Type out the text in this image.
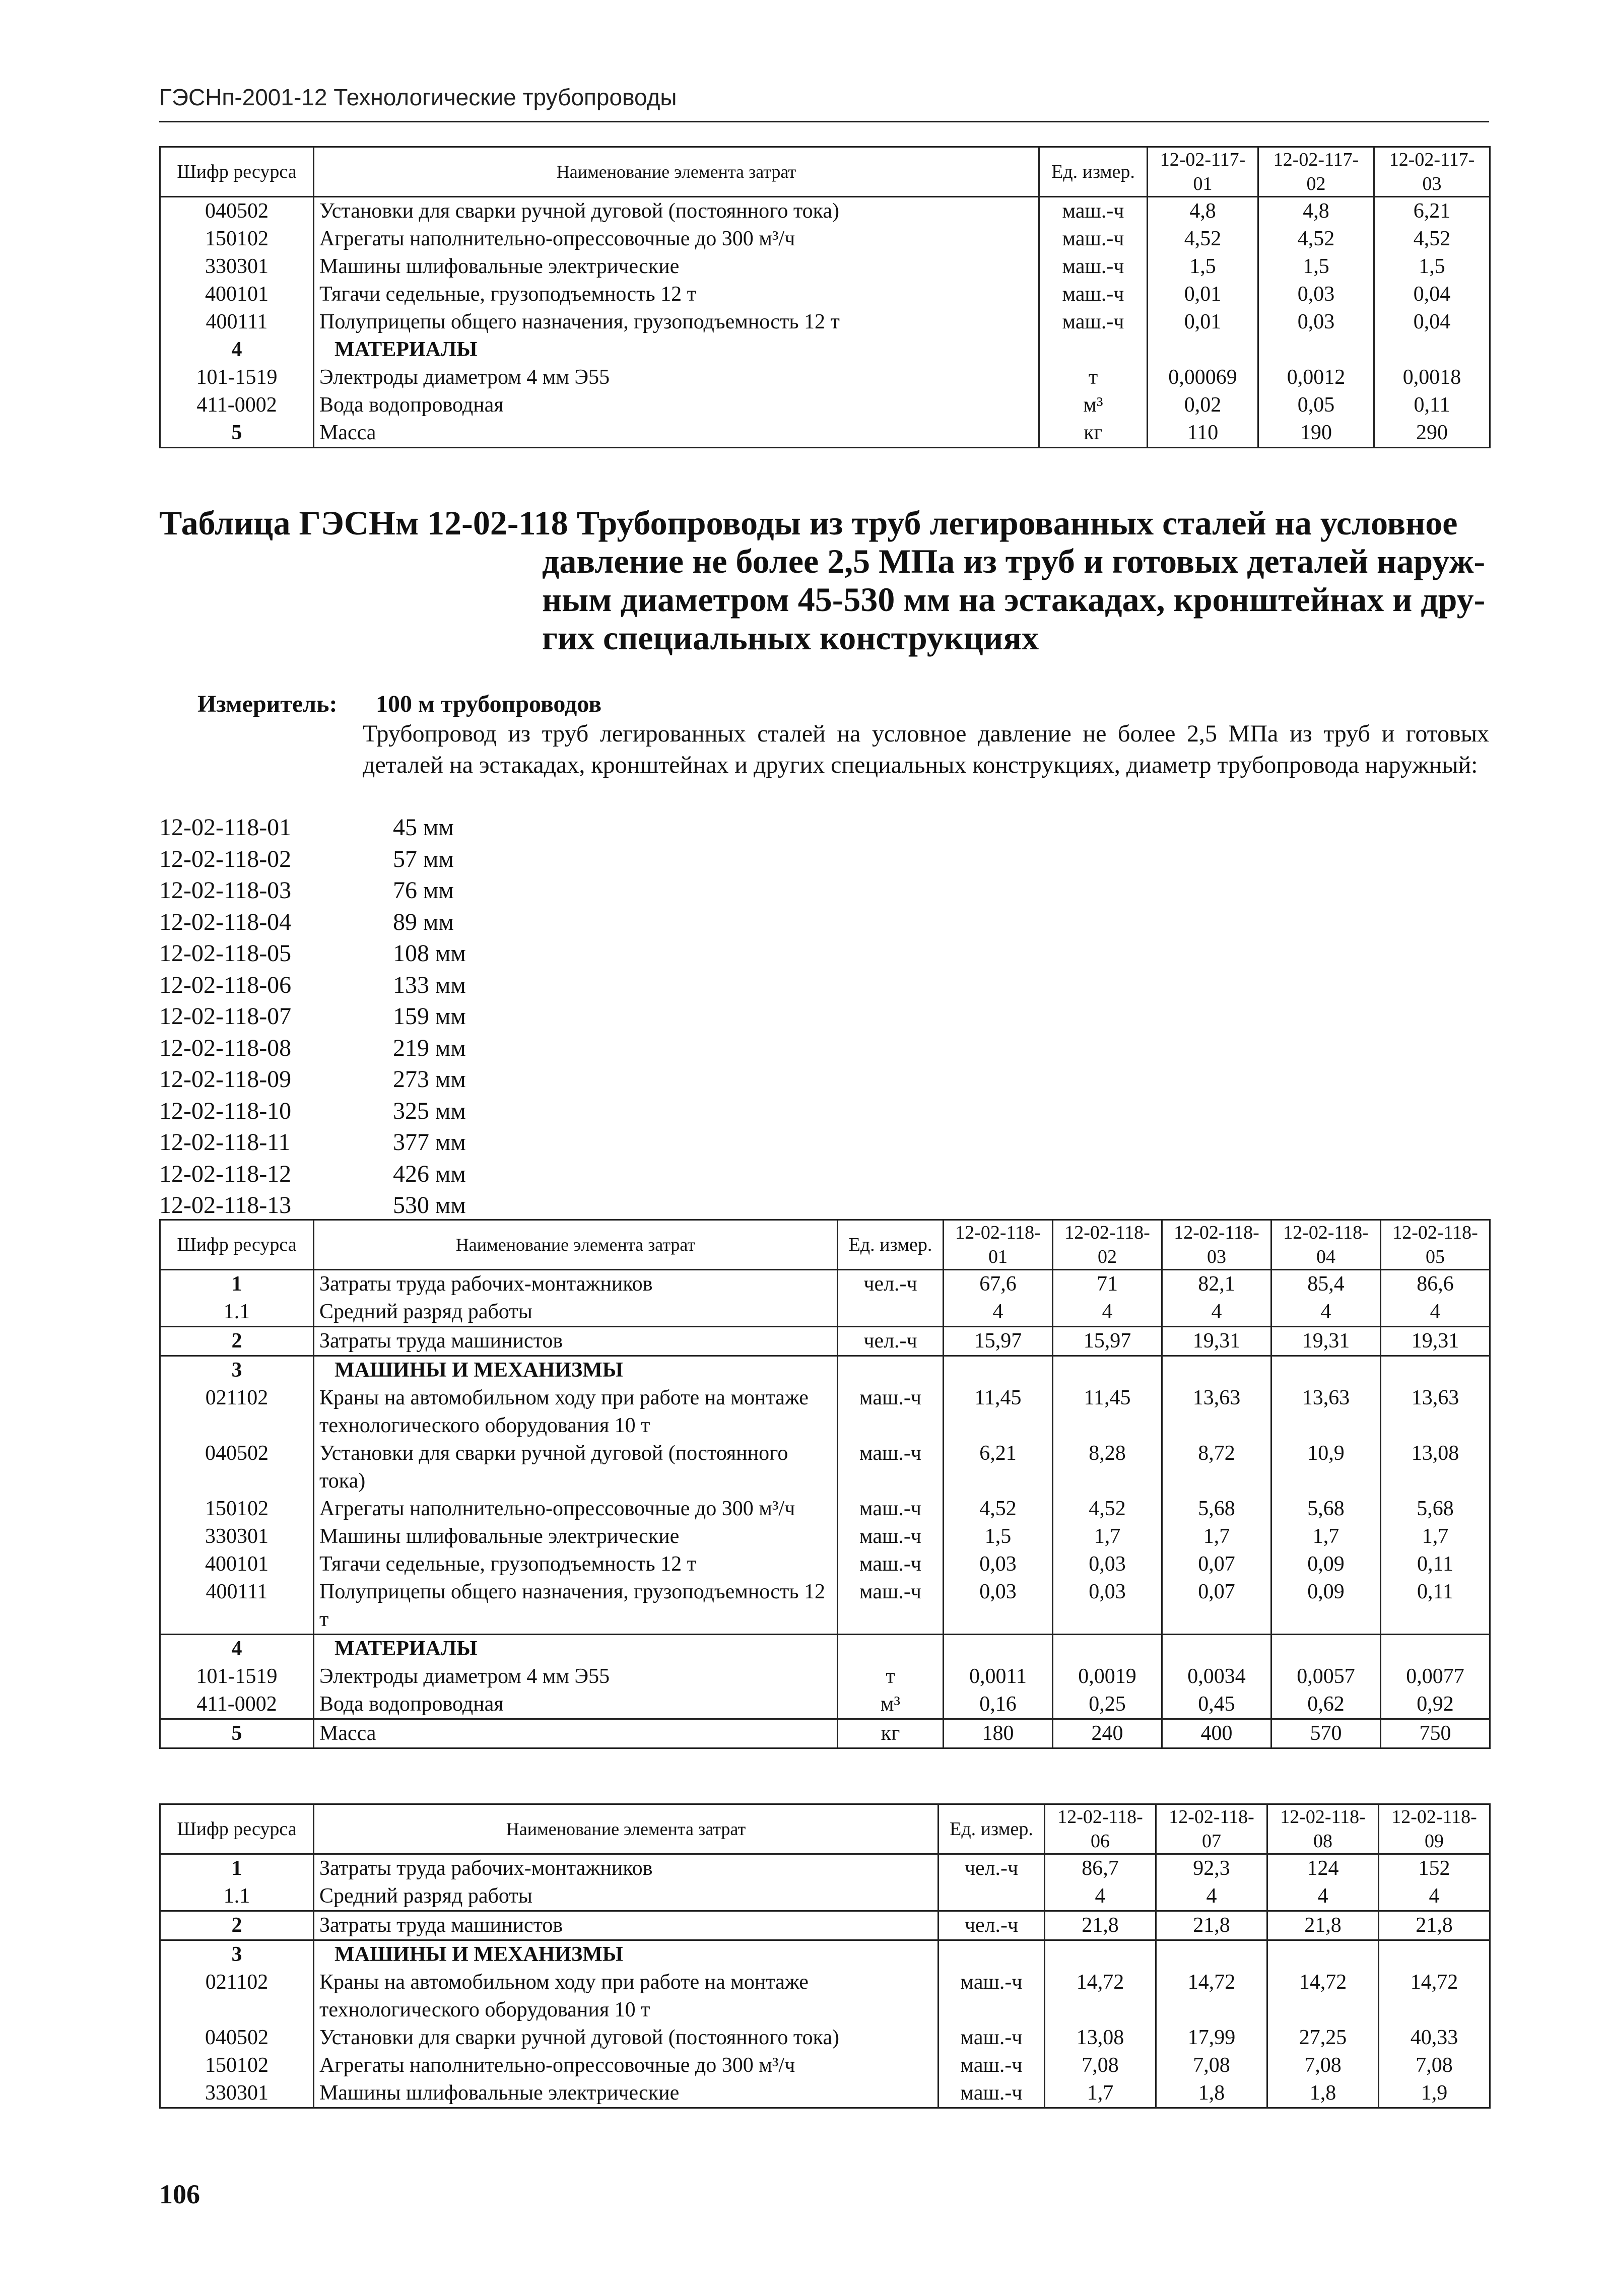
ГЭСНп-2001-12 Технологические трубопроводы
Шифр ресурса	Наименование элемента затрат	Ед. измер.	12-02-117-01	12-02-117-02	12-02-117-03
040502	Установки для сварки ручной дуговой (постоянного тока)	маш.-ч	4,8	4,8	6,21
150102	Агрегаты наполнительно-опрессовочные до 300 м³/ч	маш.-ч	4,52	4,52	4,52
330301	Машины шлифовальные электрические	маш.-ч	1,5	1,5	1,5
400101	Тягачи седельные, грузоподъемность 12 т	маш.-ч	0,01	0,03	0,04
400111	Полуприцепы общего назначения, грузоподъемность 12 т	маш.-ч	0,01	0,03	0,04
4	МАТЕРИАЛЫ				
101-1519	Электроды диаметром 4 мм Э55	т	0,00069	0,0012	0,0018
411-0002	Вода водопроводная	м³	0,02	0,05	0,11
5	Масса	кг	110	190	290
Таблица ГЭСНм 12-02-118 Трубопроводы из труб легированных сталей на условное
давление не более 2,5 МПа из труб и готовых деталей наруж-
ным диаметром 45-530 мм на эстакадах, кронштейнах и дру-
гих специальных конструкциях
Измеритель: 100 м трубопроводов
Трубопровод из труб легированных сталей на условное давление не более 2,5 МПа из труб и готовых деталей на эстакадах, кронштейнах и других специальных конструкциях, диаметр трубопровода наружный:
12-02-118-01	45 мм
12-02-118-02	57 мм
12-02-118-03	76 мм
12-02-118-04	89 мм
12-02-118-05	108 мм
12-02-118-06	133 мм
12-02-118-07	159 мм
12-02-118-08	219 мм
12-02-118-09	273 мм
12-02-118-10	325 мм
12-02-118-11	377 мм
12-02-118-12	426 мм
12-02-118-13	530 мм
Шифр ресурса	Наименование элемента затрат	Ед. измер.	12-02-118-01	12-02-118-02	12-02-118-03	12-02-118-04	12-02-118-05
1	Затраты труда рабочих-монтажников	чел.-ч	67,6	71	82,1	85,4	86,6
1.1	Средний разряд работы		4	4	4	4	4
2	Затраты труда машинистов	чел.-ч	15,97	15,97	19,31	19,31	19,31
3	МАШИНЫ И МЕХАНИЗМЫ						
021102	Краны на автомобильном ходу при работе на монтаже технологического оборудования 10 т	маш.-ч	11,45	11,45	13,63	13,63	13,63
040502	Установки для сварки ручной дуговой (постоянного тока)	маш.-ч	6,21	8,28	8,72	10,9	13,08
150102	Агрегаты наполнительно-опрессовочные до 300 м³/ч	маш.-ч	4,52	4,52	5,68	5,68	5,68
330301	Машины шлифовальные электрические	маш.-ч	1,5	1,7	1,7	1,7	1,7
400101	Тягачи седельные, грузоподъемность 12 т	маш.-ч	0,03	0,03	0,07	0,09	0,11
400111	Полуприцепы общего назначения, грузоподъемность 12 т	маш.-ч	0,03	0,03	0,07	0,09	0,11
4	МАТЕРИАЛЫ						
101-1519	Электроды диаметром 4 мм Э55	т	0,0011	0,0019	0,0034	0,0057	0,0077
411-0002	Вода водопроводная	м³	0,16	0,25	0,45	0,62	0,92
5	Масса	кг	180	240	400	570	750
Шифр ресурса	Наименование элемента затрат	Ед. измер.	12-02-118-06	12-02-118-07	12-02-118-08	12-02-118-09
1	Затраты труда рабочих-монтажников	чел.-ч	86,7	92,3	124	152
1.1	Средний разряд работы		4	4	4	4
2	Затраты труда машинистов	чел.-ч	21,8	21,8	21,8	21,8
3	МАШИНЫ И МЕХАНИЗМЫ					
021102	Краны на автомобильном ходу при работе на монтаже технологического оборудования 10 т	маш.-ч	14,72	14,72	14,72	14,72
040502	Установки для сварки ручной дуговой (постоянного тока)	маш.-ч	13,08	17,99	27,25	40,33
150102	Агрегаты наполнительно-опрессовочные до 300 м³/ч	маш.-ч	7,08	7,08	7,08	7,08
330301	Машины шлифовальные электрические	маш.-ч	1,7	1,8	1,8	1,9
106
